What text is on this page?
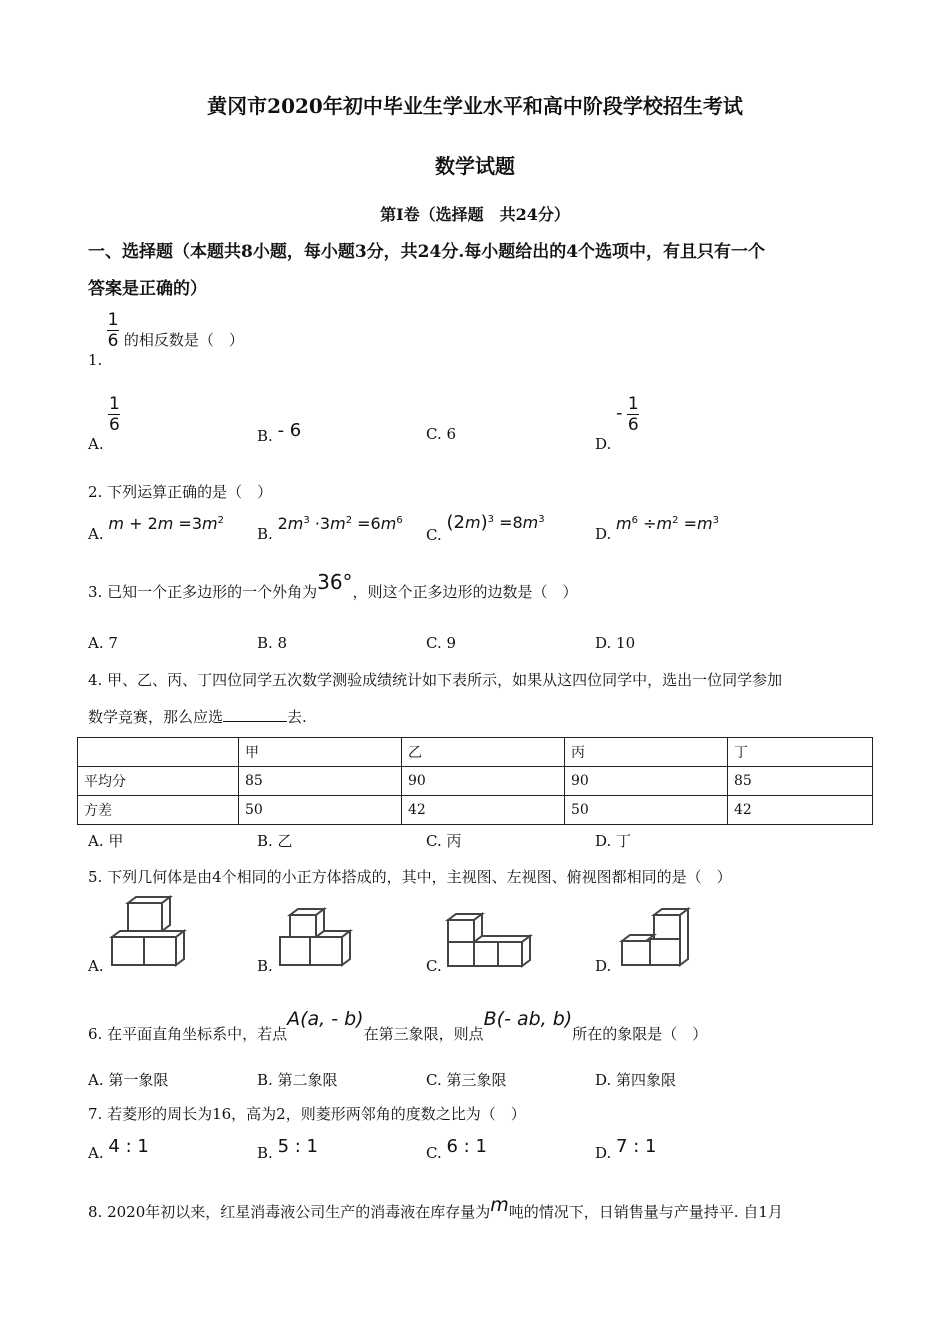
黄冈市2020年初中毕业生学业水平和高中阶段学校招生考试
数学试题
第Ⅰ卷（选择题　共24分）
一、选择题（本题共8小题，每小题3分，共24分.每小题给出的4个选项中，有且只有一个
答案是正确的）
1.
$\frac{1}{6}$ 的相反数是（　）
A.
$\frac{1}{6}$
B. - 6	C. 6
D. - $\frac{1}{6}$
2. 下列运算正确的是（　）
A. $m + 2m =3m^2$
B. $2m^3 \cdot 3m^2 =6m^6$
C. $(2m)^3 =8m^3$
D. $m^6 \div m^2 =m^3$
3. 已知一个正多边形的一个外角为36°，则这个正多边形的边数是（　）
A. 7	B. 8	C. 9	D. 10
4. 甲、乙、丙、丁四位同学五次数学测验成绩统计如下表所示，如果从这四位同学中，选出一位同学参加
数学竞赛，那么应选	去.
	甲	乙	丙	丁
平均分	85	90	90	85
方差	50	42	50	42
A. 甲	B. 乙	C. 丙	D. 丁
5. 下列几何体是由4个相同的小正方体搭成的，其中，主视图、左视图、俯视图都相同的是（　）
A.	B.	C.	D.
6. 在平面直角坐标系中，若点A(a, - b)在第三象限，则点B(- ab, b)所在的象限是（　）
A. 第一象限	B. 第二象限	C. 第三象限	D. 第四象限
7. 若菱形的周长为16，高为2，则菱形两邻角的度数之比为（　）
A. 4 : 1	B. 5 : 1	C. 6 : 1	D. 7 : 1
8. 2020年初以来，红星消毒液公司生产的消毒液在库存量为m吨的情况下，日销售量与产量持平. 自1月
